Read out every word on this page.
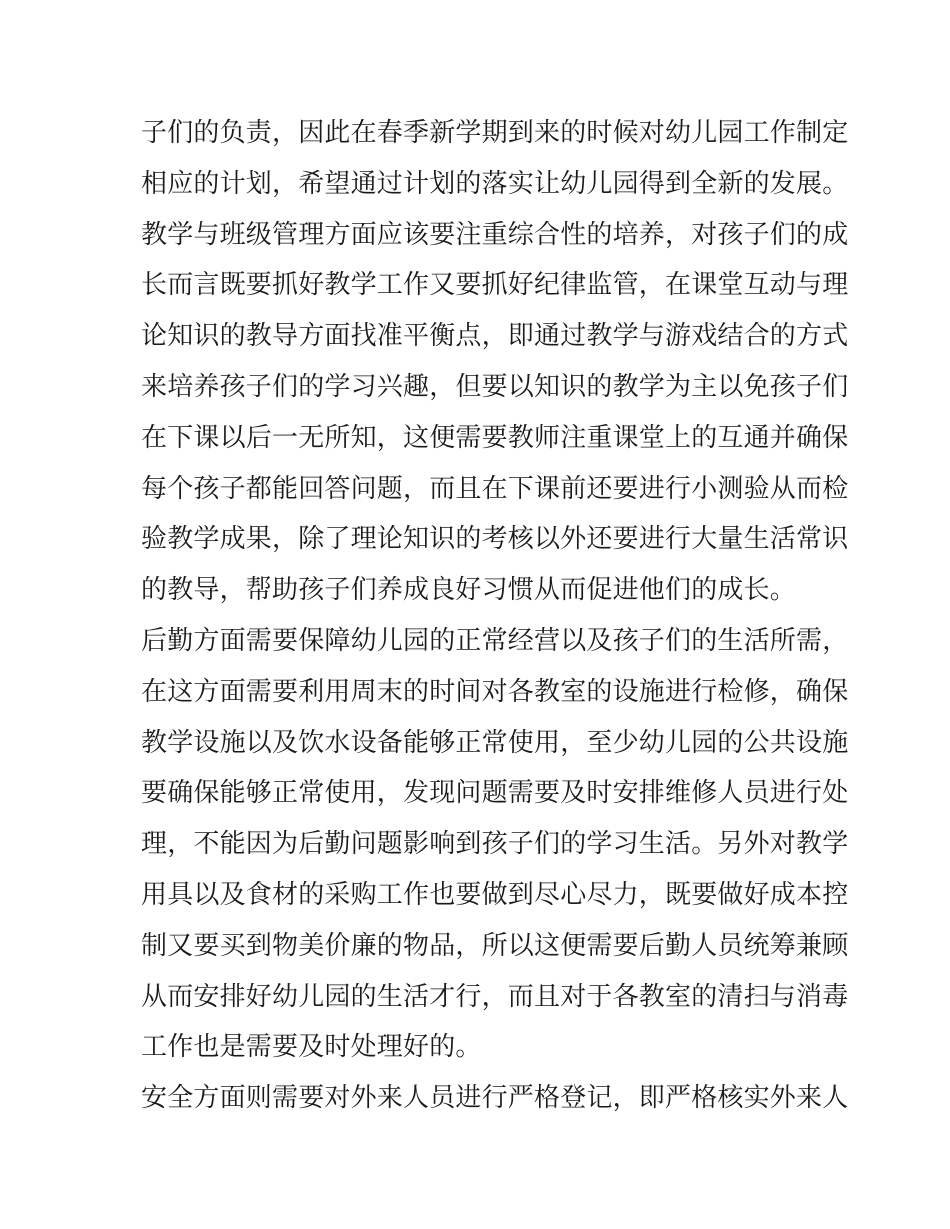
子们的负责，因此在春季新学期到来的时候对幼儿园工作制定
相应的计划，希望通过计划的落实让幼儿园得到全新的发展。
教学与班级管理方面应该要注重综合性的培养，对孩子们的成
长而言既要抓好教学工作又要抓好纪律监管，在课堂互动与理
论知识的教导方面找准平衡点，即通过教学与游戏结合的方式
来培养孩子们的学习兴趣，但要以知识的教学为主以免孩子们
在下课以后一无所知，这便需要教师注重课堂上的互通并确保
每个孩子都能回答问题，而且在下课前还要进行小测验从而检
验教学成果，除了理论知识的考核以外还要进行大量生活常识
的教导，帮助孩子们养成良好习惯从而促进他们的成长。
后勤方面需要保障幼儿园的正常经营以及孩子们的生活所需，
在这方面需要利用周末的时间对各教室的设施进行检修，确保
教学设施以及饮水设备能够正常使用，至少幼儿园的公共设施
要确保能够正常使用，发现问题需要及时安排维修人员进行处
理，不能因为后勤问题影响到孩子们的学习生活。另外对教学
用具以及食材的采购工作也要做到尽心尽力，既要做好成本控
制又要买到物美价廉的物品，所以这便需要后勤人员统筹兼顾
从而安排好幼儿园的生活才行，而且对于各教室的清扫与消毒
工作也是需要及时处理好的。
安全方面则需要对外来人员进行严格登记，即严格核实外来人
